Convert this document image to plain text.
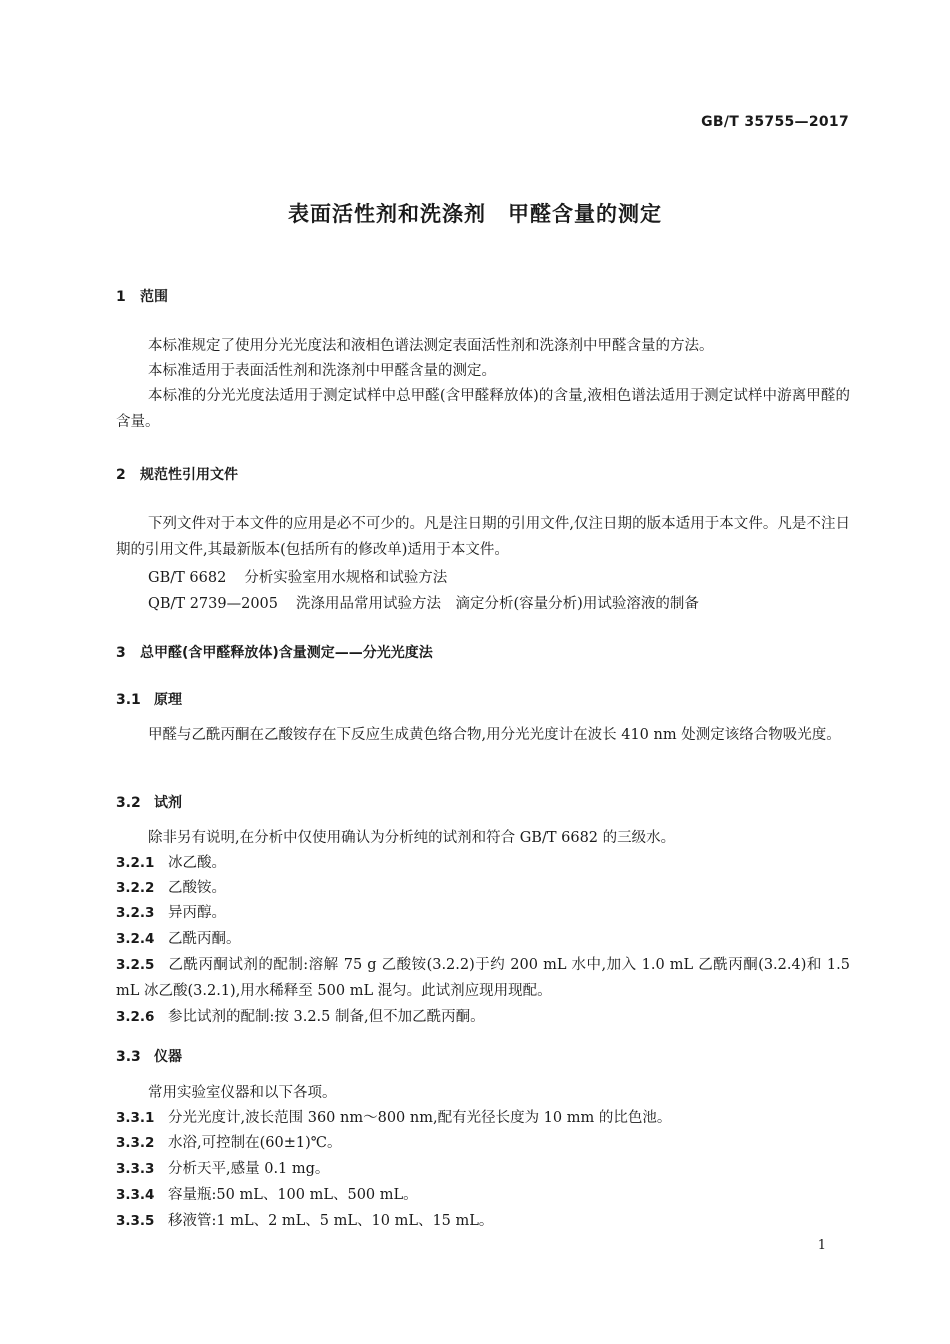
GB/T 35755—2017
表面活性剂和洗涤剂　甲醛含量的测定
1 范围
本标准规定了使用分光光度法和液相色谱法测定表面活性剂和洗涤剂中甲醛含量的方法。
本标准适用于表面活性剂和洗涤剂中甲醛含量的测定。
本标准的分光光度法适用于测定试样中总甲醛(含甲醛释放体)的含量,液相色谱法适用于测定试样中游离甲醛的含量。
2 规范性引用文件
下列文件对于本文件的应用是必不可少的。凡是注日期的引用文件,仅注日期的版本适用于本文件。凡是不注日期的引用文件,其最新版本(包括所有的修改单)适用于本文件。
GB/T 6682 分析实验室用水规格和试验方法
QB/T 2739—2005 洗涤用品常用试验方法　滴定分析(容量分析)用试验溶液的制备
3 总甲醛(含甲醛释放体)含量测定——分光光度法
3.1 原理
甲醛与乙酰丙酮在乙酸铵存在下反应生成黄色络合物,用分光光度计在波长 410 nm 处测定该络合物吸光度。
3.2 试剂
除非另有说明,在分析中仅使用确认为分析纯的试剂和符合 GB/T 6682 的三级水。
3.2.1 冰乙酸。
3.2.2 乙酸铵。
3.2.3 异丙醇。
3.2.4 乙酰丙酮。
3.2.5 乙酰丙酮试剂的配制:溶解 75 g 乙酸铵(3.2.2)于约 200 mL 水中,加入 1.0 mL 乙酰丙酮(3.2.4)和 1.5 mL 冰乙酸(3.2.1),用水稀释至 500 mL 混匀。此试剂应现用现配。
3.2.6 参比试剂的配制:按 3.2.5 制备,但不加乙酰丙酮。
3.3 仪器
常用实验室仪器和以下各项。
3.3.1 分光光度计,波长范围 360 nm～800 nm,配有光径长度为 10 mm 的比色池。
3.3.2 水浴,可控制在(60±1)℃。
3.3.3 分析天平,感量 0.1 mg。
3.3.4 容量瓶:50 mL、100 mL、500 mL。
3.3.5 移液管:1 mL、2 mL、5 mL、10 mL、15 mL。
1
